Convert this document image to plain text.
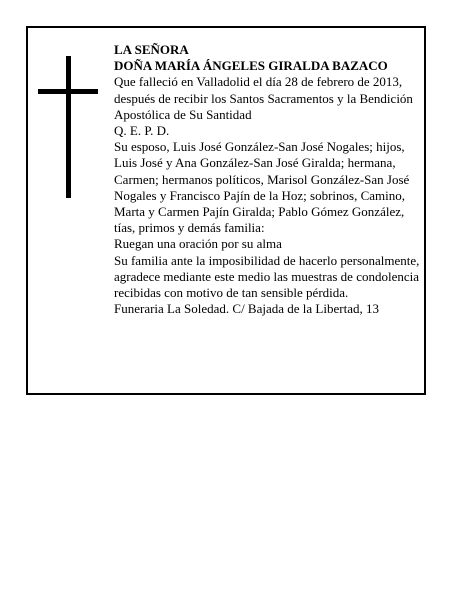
LA SEÑORA

DOÑA MARÍA ÁNGELES GIRALDA BAZACO

Que falleció en Valladolid el día 28 de febrero de 2013, después de recibir los Santos Sacramentos y la Bendición Apostólica de Su Santidad

Q. E. P. D.

Su esposo, Luis José González-San José Nogales; hijos, Luis José y Ana González-San José Giralda; hermana, Carmen; hermanos políticos, Marisol González-San José Nogales y Francisco Pajín de la Hoz; sobrinos, Camino, Marta y Carmen Pajín Giralda; Pablo Gómez González, tías, primos y demás familia:

Ruegan una oración por su alma

Su familia ante la imposibilidad de hacerlo personalmente, agradece mediante este medio las muestras de condolencia recibidas con motivo de tan sensible pérdida.

Funeraria La Soledad. C/ Bajada de la Libertad, 13
